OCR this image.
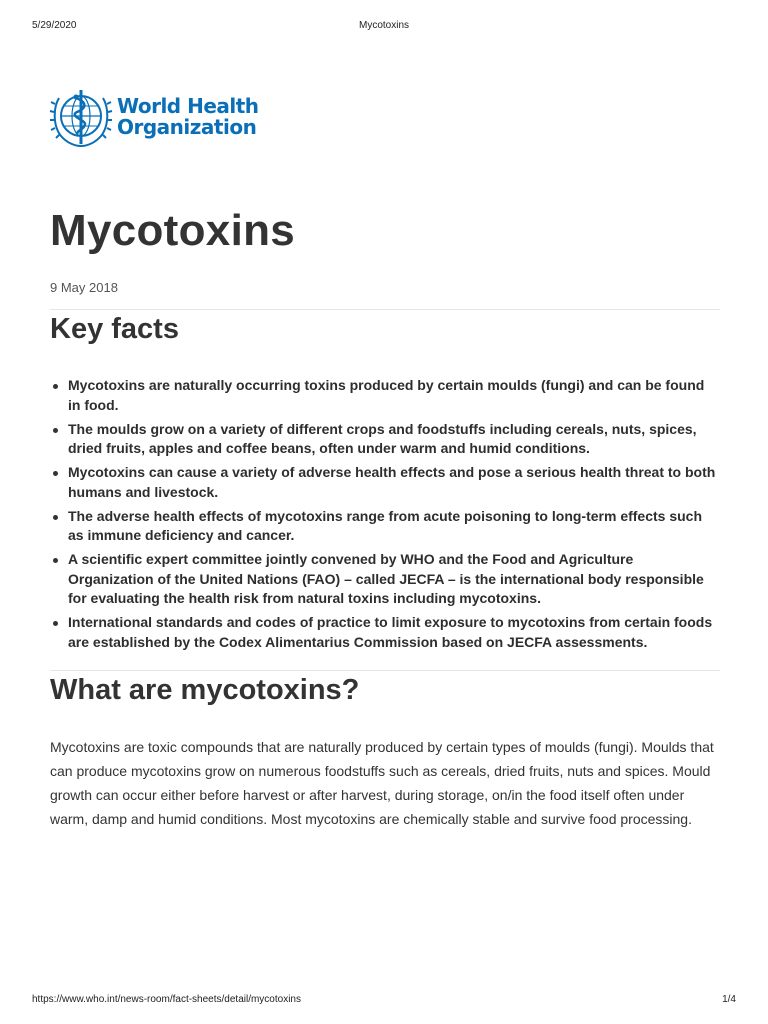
5/29/2020	Mycotoxins
World Health
Organization
Mycotoxins
9 May 2018
Key facts
Mycotoxins are naturally occurring toxins produced by certain moulds (fungi) and can be found in food.
The moulds grow on a variety of different crops and foodstuffs including cereals, nuts, spices, dried fruits, apples and coffee beans, often under warm and humid conditions.
Mycotoxins can cause a variety of adverse health effects and pose a serious health threat to both humans and livestock.
The adverse health effects of mycotoxins range from acute poisoning to long-term effects such as immune deficiency and cancer.
A scientific expert committee jointly convened by WHO and the Food and Agriculture Organization of the United Nations (FAO) – called JECFA – is the international body responsible for evaluating the health risk from natural toxins including mycotoxins.
International standards and codes of practice to limit exposure to mycotoxins from certain foods are established by the Codex Alimentarius Commission based on JECFA assessments.
What are mycotoxins?

Mycotoxins are toxic compounds that are naturally produced by certain types of moulds (fungi). Moulds that can produce mycotoxins grow on numerous foodstuffs such as cereals, dried fruits, nuts and spices. Mould growth can occur either before harvest or after harvest, during storage, on/in the food itself often under warm, damp and humid conditions. Most mycotoxins are chemically stable and survive food processing.

https://www.who.int/news-room/fact-sheets/detail/mycotoxins	1/4
